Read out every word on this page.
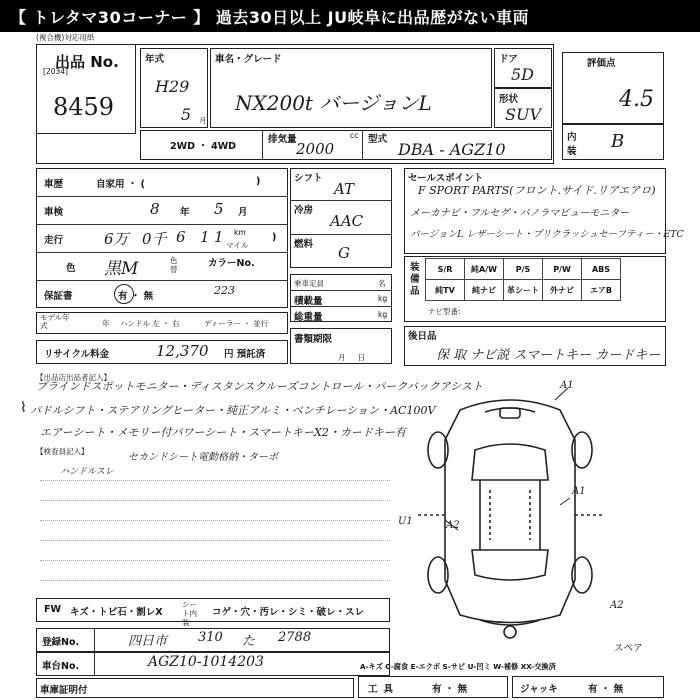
【 トレタマ30コーナー 】 過去30日以上 JU岐阜に出品歴がない車両
(複合機)対応用紙
出品 No.
[2034]
8459
年式
H29
5 月
車名・グレード
NX200t バージョンL
ドア
5D
形状
SUV
評価点
4.5
内装 B
2WD ・ 4WD
排気量	cc
2000
型式
DBA - AGZ10
車歴	自家用 ・ (	)
車検	8 年 5 月
走行	6万 0千 6 1 1 km
マイル
)
色 黒M	色替
カラーNo.
223
保証書	有 ・ 無
モデル年式	年 ハンドル 左 ・ 右	ディーラー ・ 並行
リサイクル料金	12,370 円 預託済
シフト
AT
冷房
AAC
燃料 G
乗車定員	名
積載量	kg
総重量	kg
書類期限
月日
セールスポイント
F SPORT PARTS(フロント.サイド.リアエアロ)
メーカナビ・フルセグ・パノラマビューモニター
バージョンL レザーシート・プリクラッシュセーフティー・ETC
装備品
S/R	純A/W	P/S	P/W	ABS
純TV	純ナビ	革シート	外ナビ	エアB
ナビ型番:
後日品
保 取 ナビ説 スマートキー カードキー
【出品店出品者記入】
ブラインドスポットモニター・ディスタンスクルーズコントロール・パークバックアシスト
パドルシフト・ステアリングヒーター・純正アルミ・ベンチレーション・AC100V
エアーシート・メモリー付パワーシート・スマートキーX2・カードキー有
セカンドシート電動格納・ターボ
⌇
【検査員記入】
ハンドルスレ
A1
A1
A2
A2
U1
スペア
FW キズ・トビ石・割レX
シート内装
コゲ・穴・汚レ・シミ・破レ・スレ
登録No.	四日市 310 た 2788
車台No.	AGZ10-1014203	A-キズ C-腐食 E-エクボ S-サビ U-凹ミ W-補修 XX-交換済
車庫証明付	工具	有 ・ 無	ジャッキ	有 ・ 無
